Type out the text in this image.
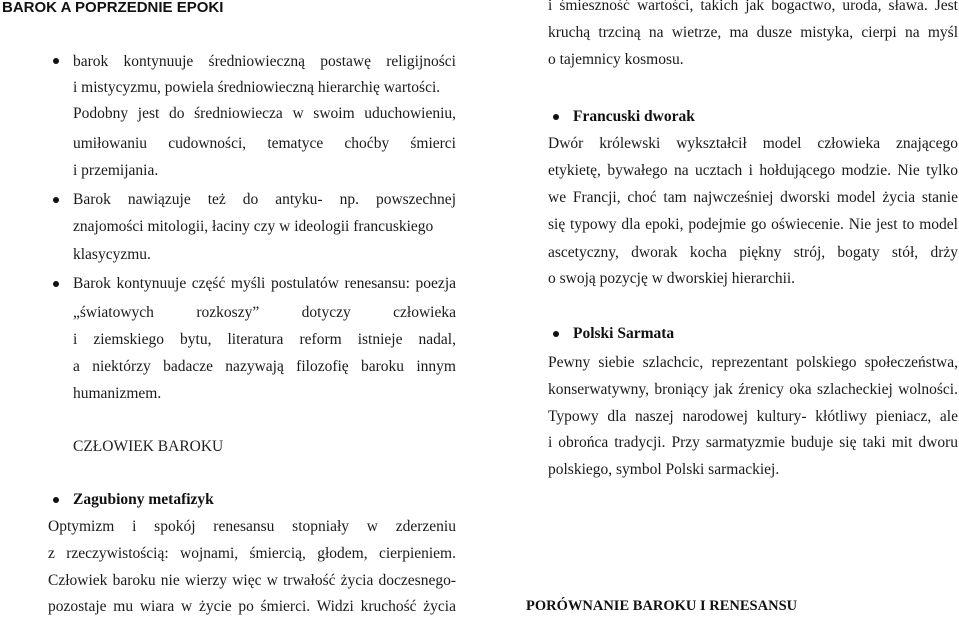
BAROK A POPRZEDNIE EPOKI
barok kontynuuje średniowieczną postawę religijności
i mistycyzmu, powiela średniowieczną hierarchię wartości.
Podobny jest do średniowiecza w swoim uduchowieniu,
umiłowaniu cudowności, tematyce choćby śmierci
i przemijania.
Barok nawiązuje też do antyku- np. powszechnej
znajomości mitologii, łaciny czy w ideologii francuskiego
klasycyzmu.
Barok kontynuuje część myśli postulatów renesansu: poezja
„światowych rozkoszy” dotyczy człowieka
i ziemskiego bytu, literatura reform istnieje nadal,
a niektórzy badacze nazywają filozofię baroku innym
humanizmem.
CZŁOWIEK BAROKU
Zagubiony metafizyk
Optymizm i spokój renesansu stopniały w zderzeniu
z rzeczywistością: wojnami, śmiercią, głodem, cierpieniem.
Człowiek baroku nie wierzy więc w trwałość życia doczesnego-
pozostaje mu wiara w życie po śmierci. Widzi kruchość życia
i śmieszność wartości, takich jak bogactwo, uroda, sława. Jest
kruchą trzciną na wietrze, ma dusze mistyka, cierpi na myśl
o tajemnicy kosmosu.
Francuski dworak
Dwór królewski wykształcił model człowieka znającego
etykietę, bywałego na ucztach i hołdującego modzie. Nie tylko
we Francji, choć tam najwcześniej dworski model życia stanie
się typowy dla epoki, podejmie go oświecenie. Nie jest to model
ascetyczny, dworak kocha piękny strój, bogaty stół, drży
o swoją pozycję w dworskiej hierarchii.
Polski Sarmata
Pewny siebie szlachcic, reprezentant polskiego społeczeństwa,
konserwatywny, broniący jak źrenicy oka szlacheckiej wolności.
Typowy dla naszej narodowej kultury- kłótliwy pieniacz, ale
i obrońca tradycji. Przy sarmatyzmie buduje się taki mit dworu
polskiego, symbol Polski sarmackiej.
PORÓWNANIE BAROKU I RENESANSU
